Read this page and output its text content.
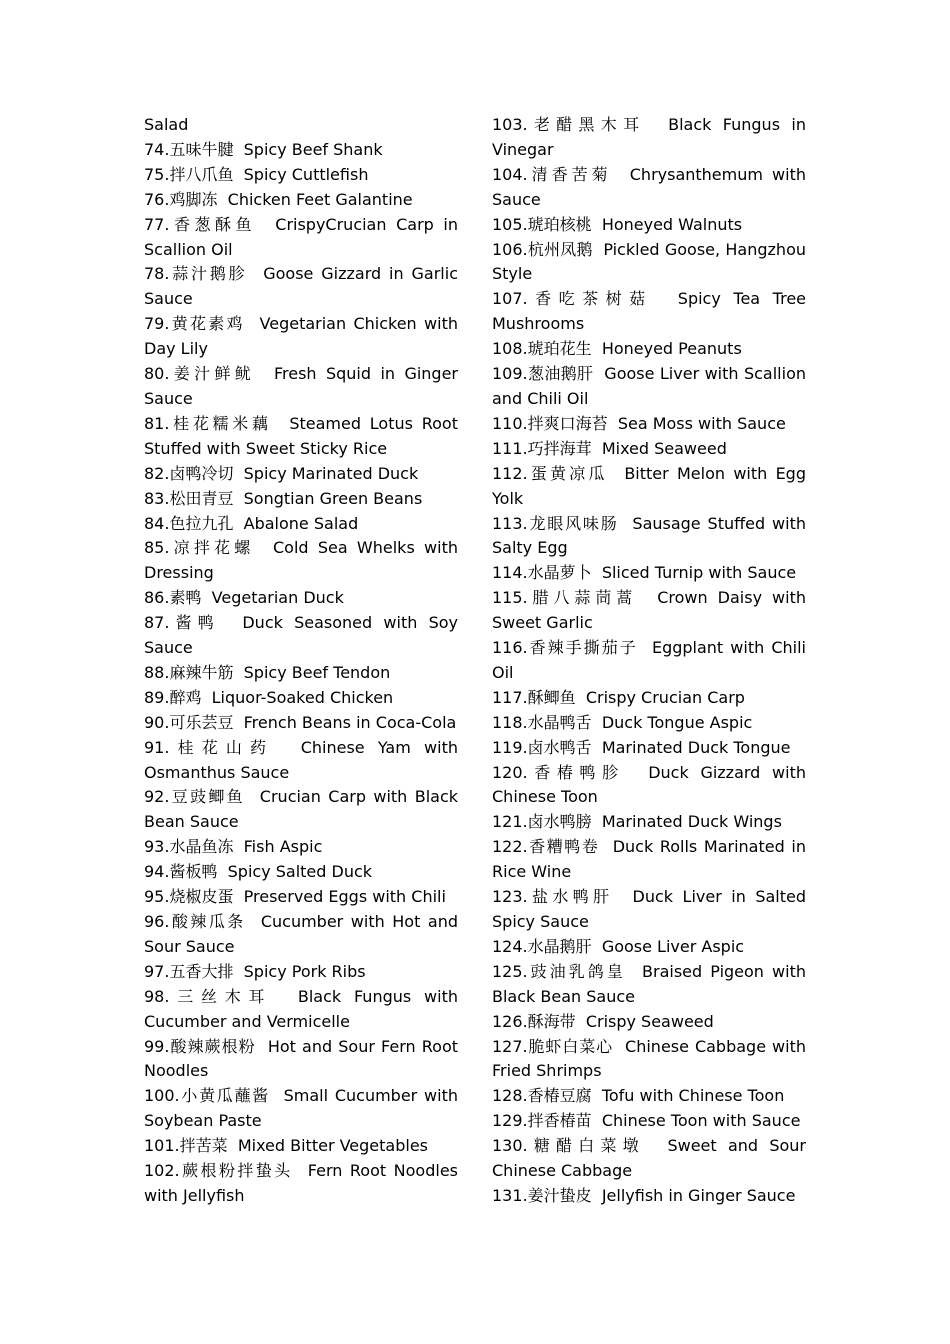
Salad
74.五味牛腱 Spicy Beef Shank
75.拌八爪鱼 Spicy Cuttlefish
76.鸡脚冻 Chicken Feet Galantine
77.香葱酥鱼 CrispyCrucian Carp in Scallion Oil
78.蒜汁鹅胗 Goose Gizzard in Garlic Sauce
79.黄花素鸡 Vegetarian Chicken with Day Lily
80.姜汁鲜鱿 Fresh Squid in Ginger Sauce
81.桂花糯米藕 Steamed Lotus Root Stuffed with Sweet Sticky Rice
82.卤鸭冷切 Spicy Marinated Duck
83.松田青豆 Songtian Green Beans
84.色拉九孔 Abalone Salad
85.凉拌花螺 Cold Sea Whelks with Dressing
86.素鸭 Vegetarian Duck
87.酱鸭 Duck Seasoned with Soy Sauce
88.麻辣牛筋 Spicy Beef Tendon
89.醉鸡 Liquor-Soaked Chicken
90.可乐芸豆 French Beans in Coca-Cola
91.桂花山药 Chinese Yam with Osmanthus Sauce
92.豆豉鲫鱼 Crucian Carp with Black Bean Sauce
93.水晶鱼冻 Fish Aspic
94.酱板鸭 Spicy Salted Duck
95.烧椒皮蛋 Preserved Eggs with Chili
96.酸辣瓜条 Cucumber with Hot and Sour Sauce
97.五香大排 Spicy Pork Ribs
98.三丝木耳 Black Fungus with Cucumber and Vermicelle
99.酸辣蕨根粉 Hot and Sour Fern Root Noodles
100.小黄瓜蘸酱 Small Cucumber with Soybean Paste
101.拌苦菜 Mixed Bitter Vegetables
102.蕨根粉拌蛰头 Fern Root Noodles with Jellyfish
103.老醋黑木耳 Black Fungus in Vinegar
104.清香苦菊 Chrysanthemum with Sauce
105.琥珀核桃 Honeyed Walnuts
106.杭州凤鹅 Pickled Goose, Hangzhou Style
107.香吃茶树菇 Spicy Tea Tree Mushrooms
108.琥珀花生 Honeyed Peanuts
109.葱油鹅肝 Goose Liver with Scallion and Chili Oil
110.拌爽口海苔 Sea Moss with Sauce
111.巧拌海茸 Mixed Seaweed
112.蛋黄凉瓜 Bitter Melon with Egg Yolk
113.龙眼风味肠 Sausage Stuffed with Salty Egg
114.水晶萝卜 Sliced Turnip with Sauce
115.腊八蒜茼蒿 Crown Daisy with Sweet Garlic
116.香辣手撕茄子 Eggplant with Chili Oil
117.酥鲫鱼 Crispy Crucian Carp
118.水晶鸭舌 Duck Tongue Aspic
119.卤水鸭舌 Marinated Duck Tongue
120.香椿鸭胗 Duck Gizzard with Chinese Toon
121.卤水鸭膀 Marinated Duck Wings
122.香糟鸭卷 Duck Rolls Marinated in Rice Wine
123.盐水鸭肝 Duck Liver in Salted Spicy Sauce
124.水晶鹅肝 Goose Liver Aspic
125.豉油乳鸽皇 Braised Pigeon with Black Bean Sauce
126.酥海带 Crispy Seaweed
127.脆虾白菜心 Chinese Cabbage with Fried Shrimps
128.香椿豆腐 Tofu with Chinese Toon
129.拌香椿苗 Chinese Toon with Sauce
130.糖醋白菜墩 Sweet and Sour Chinese Cabbage
131.姜汁蛰皮 Jellyfish in Ginger Sauce
